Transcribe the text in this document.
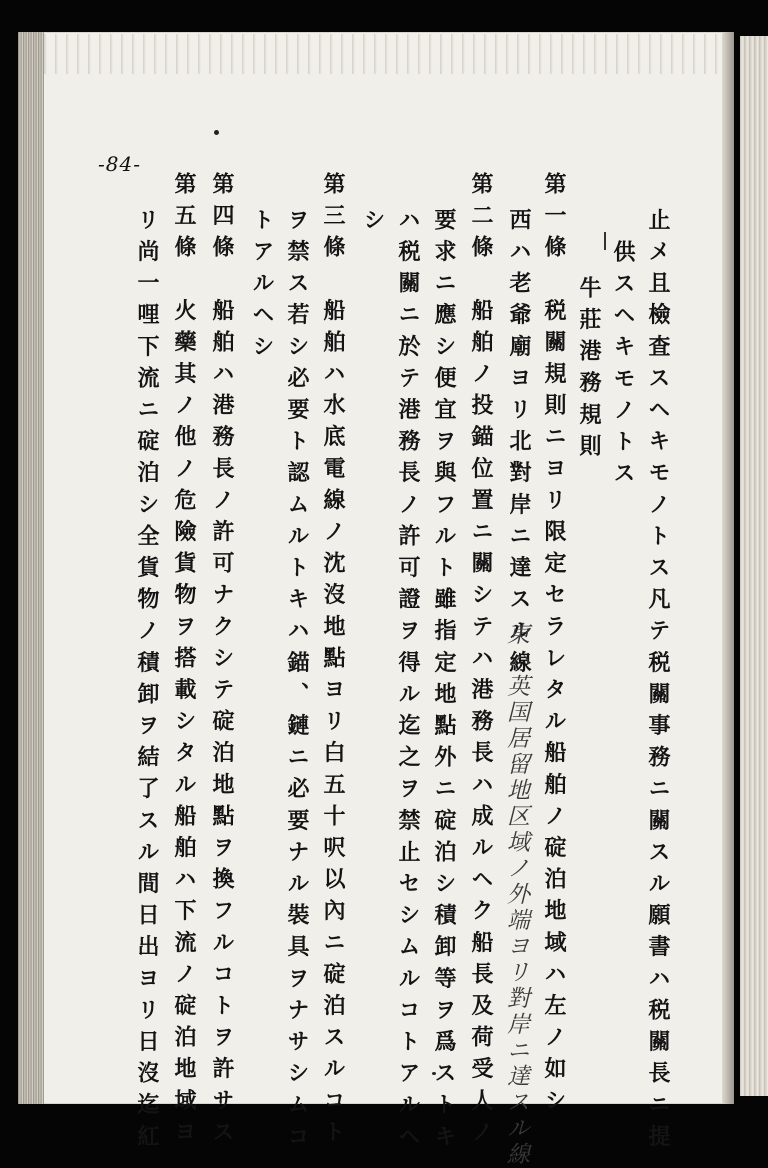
-84-
止メ且檢査スヘキモノトス凡テ税關事務ニ關スル願書ハ税關長ニ提
供スヘキモノトス
牛莊港務規則
第一條　税關規則ニヨリ限定セラレタル船舶ノ碇泊地域ハ左ノ如シ
西ハ老爺廟ヨリ北對岸ニ達スル線
第二條　船舶ノ投錨位置ニ關シテハ港務長ハ成ルヘク船長及荷受人ノ
要求ニ應シ便宜ヲ與フルト雖指定地點外ニ碇泊シ積卸等ヲ爲ストキ
ハ税關ニ於テ港務長ノ許可證ヲ得ル迄之ヲ禁止セシムルコトアルヘ
シ
第三條　船舶ハ水底電線ノ沈沒地點ヨリ白五十呎以內ニ碇泊スルコト
ヲ禁ス若シ必要ト認ムルトキハ錨、鏈ニ必要ナル裝具ヲナサシムコ
トアルヘシ
第四條　船舶ハ港務長ノ許可ナクシテ碇泊地點ヲ換フルコトヲ許サス
第五條　火藥其ノ他ノ危險貨物ヲ搭載シタル船舶ハ下流ノ碇泊地域ヨ
リ尚一哩下流ニ碇泊シ全貨物ノ積卸ヲ結了スル間日出ヨリ日沒迄紅	東ハ英国居留地区域ノ外端ヨリ對岸ニ達スル線
